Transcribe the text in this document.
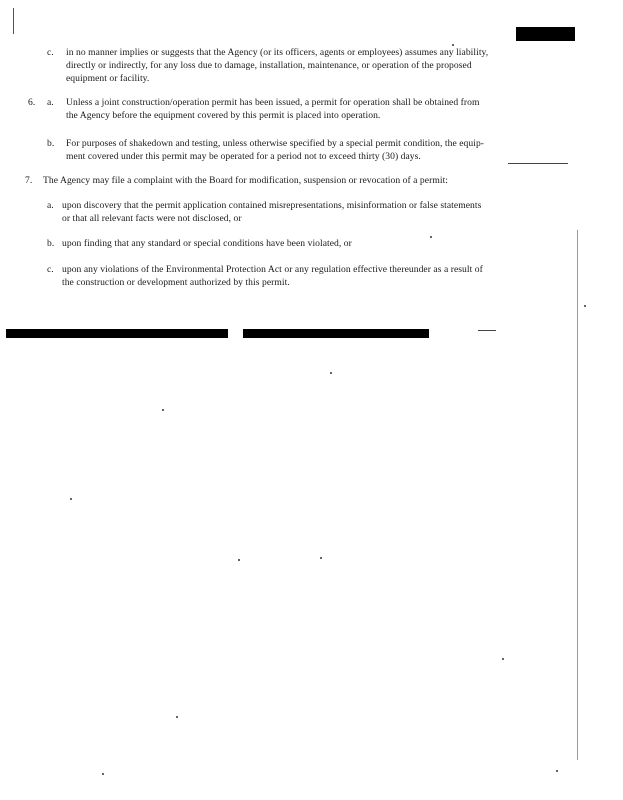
c. in no manner implies or suggests that the Agency (or its officers, agents or employees) assumes any liability,
directly or indirectly, for any loss due to damage, installation, maintenance, or operation of the proposed
equipment or facility.
6. a. Unless a joint construction/operation permit has been issued, a permit for operation shall be obtained from
the Agency before the equipment covered by this permit is placed into operation.
b. For purposes of shakedown and testing, unless otherwise specified by a special permit condition, the equip-
ment covered under this permit may be operated for a period not to exceed thirty (30) days.
7. The Agency may file a complaint with the Board for modification, suspension or revocation of a permit:
a. upon discovery that the permit application contained misrepresentations, misinformation or false statements
or that all relevant facts were not disclosed, or
b. upon finding that any standard or special conditions have been violated, or
c. upon any violations of the Environmental Protection Act or any regulation effective thereunder as a result of
the construction or development authorized by this permit.
